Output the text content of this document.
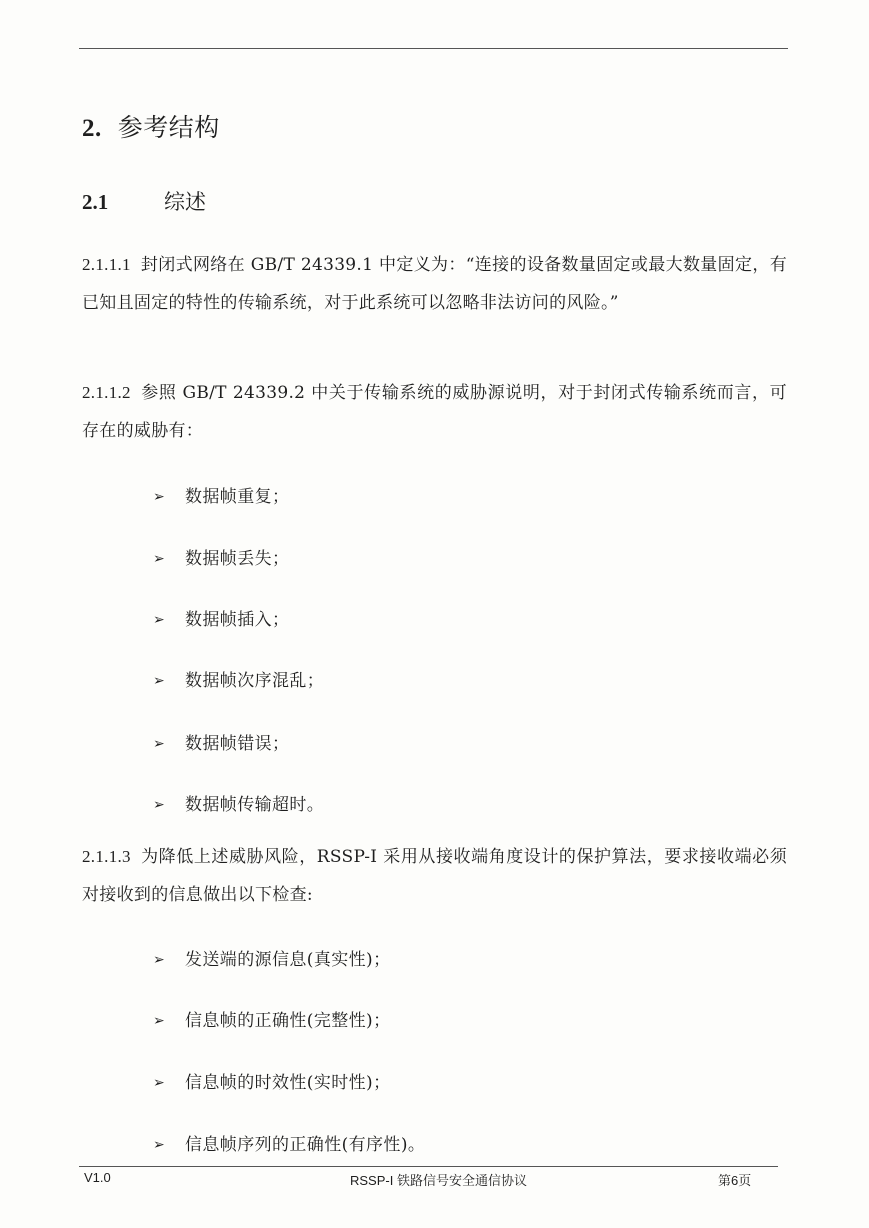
2. 参考结构
2.1	综述
2.1.1.1 封闭式网络在 GB/T 24339.1 中定义为：“连接的设备数量固定或最大数量固定，有已知且固定的特性的传输系统，对于此系统可以忽略非法访问的风险。”
2.1.1.2 参照 GB/T 24339.2 中关于传输系统的威胁源说明，对于封闭式传输系统而言，可存在的威胁有：
➢ 数据帧重复；
➢ 数据帧丢失；
➢ 数据帧插入；
➢ 数据帧次序混乱；
➢ 数据帧错误；
➢ 数据帧传输超时。
2.1.1.3 为降低上述威胁风险，RSSP-I 采用从接收端角度设计的保护算法，要求接收端必须对接收到的信息做出以下检查:
➢ 发送端的源信息(真实性)；
➢ 信息帧的正确性(完整性)；
➢ 信息帧的时效性(实时性)；
➢ 信息帧序列的正确性(有序性)。
V1.0	RSSP-I 铁路信号安全通信协议	第6页
